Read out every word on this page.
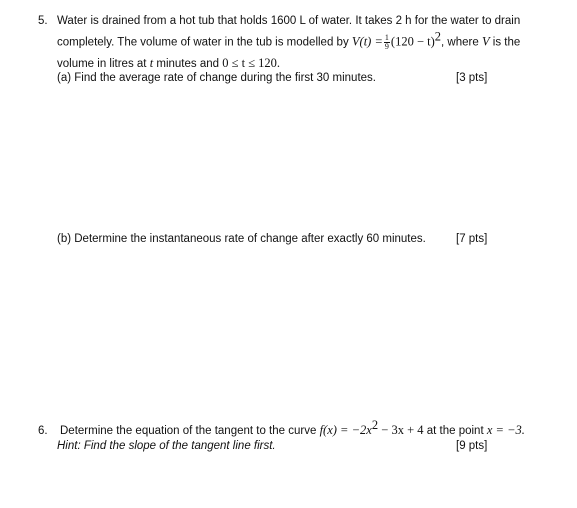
5. Water is drained from a hot tub that holds 1600 L of water. It takes 2 h for the water to drain
completely. The volume of water in the tub is modelled by $V(t) = \frac{1}{9} (120 - t)^2$, where V is the
volume in litres at t minutes and 0 ≤ t ≤ 120.
(a) Find the average rate of change during the first 30 minutes.	[3 pts]
(b) Determine the instantaneous rate of change after exactly 60 minutes.	[7 pts]
6. Determine the equation of the tangent to the curve $f(x) = -2x^2 - 3x + 4$ at the point x = −3.
Hint: Find the slope of the tangent line first.	[9 pts]
